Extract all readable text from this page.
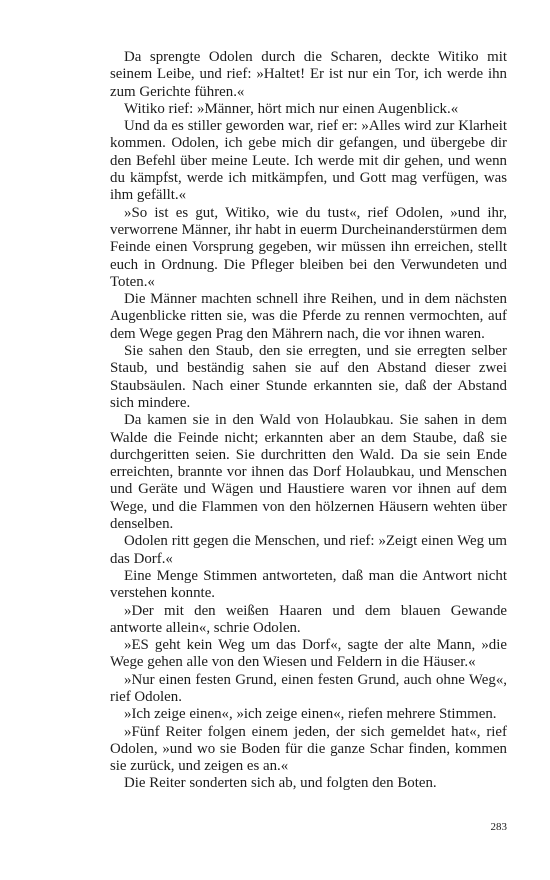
Da sprengte Odolen durch die Scharen, deckte Witiko mit seinem Leibe, und rief: »Haltet! Er ist nur ein Tor, ich werde ihn zum Gerichte führen.«

Witiko rief: »Männer, hört mich nur einen Augenblick.«

Und da es stiller geworden war, rief er: »Alles wird zur Klarheit kommen. Odolen, ich gebe mich dir gefangen, und übergebe dir den Befehl über meine Leute. Ich werde mit dir gehen, und wenn du kämpfst, werde ich mitkämpfen, und Gott mag verfügen, was ihm gefällt.«

»So ist es gut, Witiko, wie du tust«, rief Odolen, »und ihr, verworrene Männer, ihr habt in euerm Durcheinanderstürmen dem Feinde einen Vorsprung gegeben, wir müssen ihn erreichen, stellt euch in Ordnung. Die Pfleger bleiben bei den Verwundeten und Toten.«

Die Männer machten schnell ihre Reihen, und in dem nächsten Augenblicke ritten sie, was die Pferde zu rennen vermochten, auf dem Wege gegen Prag den Mährern nach, die vor ihnen waren.

Sie sahen den Staub, den sie erregten, und sie erregten selber Staub, und beständig sahen sie auf den Abstand dieser zwei Staubsäulen. Nach einer Stunde erkannten sie, daß der Abstand sich mindere.

Da kamen sie in den Wald von Holaubkau. Sie sahen in dem Walde die Feinde nicht; erkannten aber an dem Staube, daß sie durchgeritten seien. Sie durchritten den Wald. Da sie sein Ende erreichten, brannte vor ihnen das Dorf Holaubkau, und Menschen und Geräte und Wägen und Haustiere waren vor ihnen auf dem Wege, und die Flammen von den hölzernen Häusern wehten über denselben.

Odolen ritt gegen die Menschen, und rief: »Zeigt einen Weg um das Dorf.«

Eine Menge Stimmen antworteten, daß man die Antwort nicht verstehen konnte.

»Der mit den weißen Haaren und dem blauen Gewande antworte allein«, schrie Odolen.

»ES geht kein Weg um das Dorf«, sagte der alte Mann, »die Wege gehen alle von den Wiesen und Feldern in die Häuser.«

»Nur einen festen Grund, einen festen Grund, auch ohne Weg«, rief Odolen.

»Ich zeige einen«, »ich zeige einen«, riefen mehrere Stimmen.

»Fünf Reiter folgen einem jeden, der sich gemeldet hat«, rief Odolen, »und wo sie Boden für die ganze Schar finden, kommen sie zurück, und zeigen es an.«

Die Reiter sonderten sich ab, und folgten den Boten.

283
